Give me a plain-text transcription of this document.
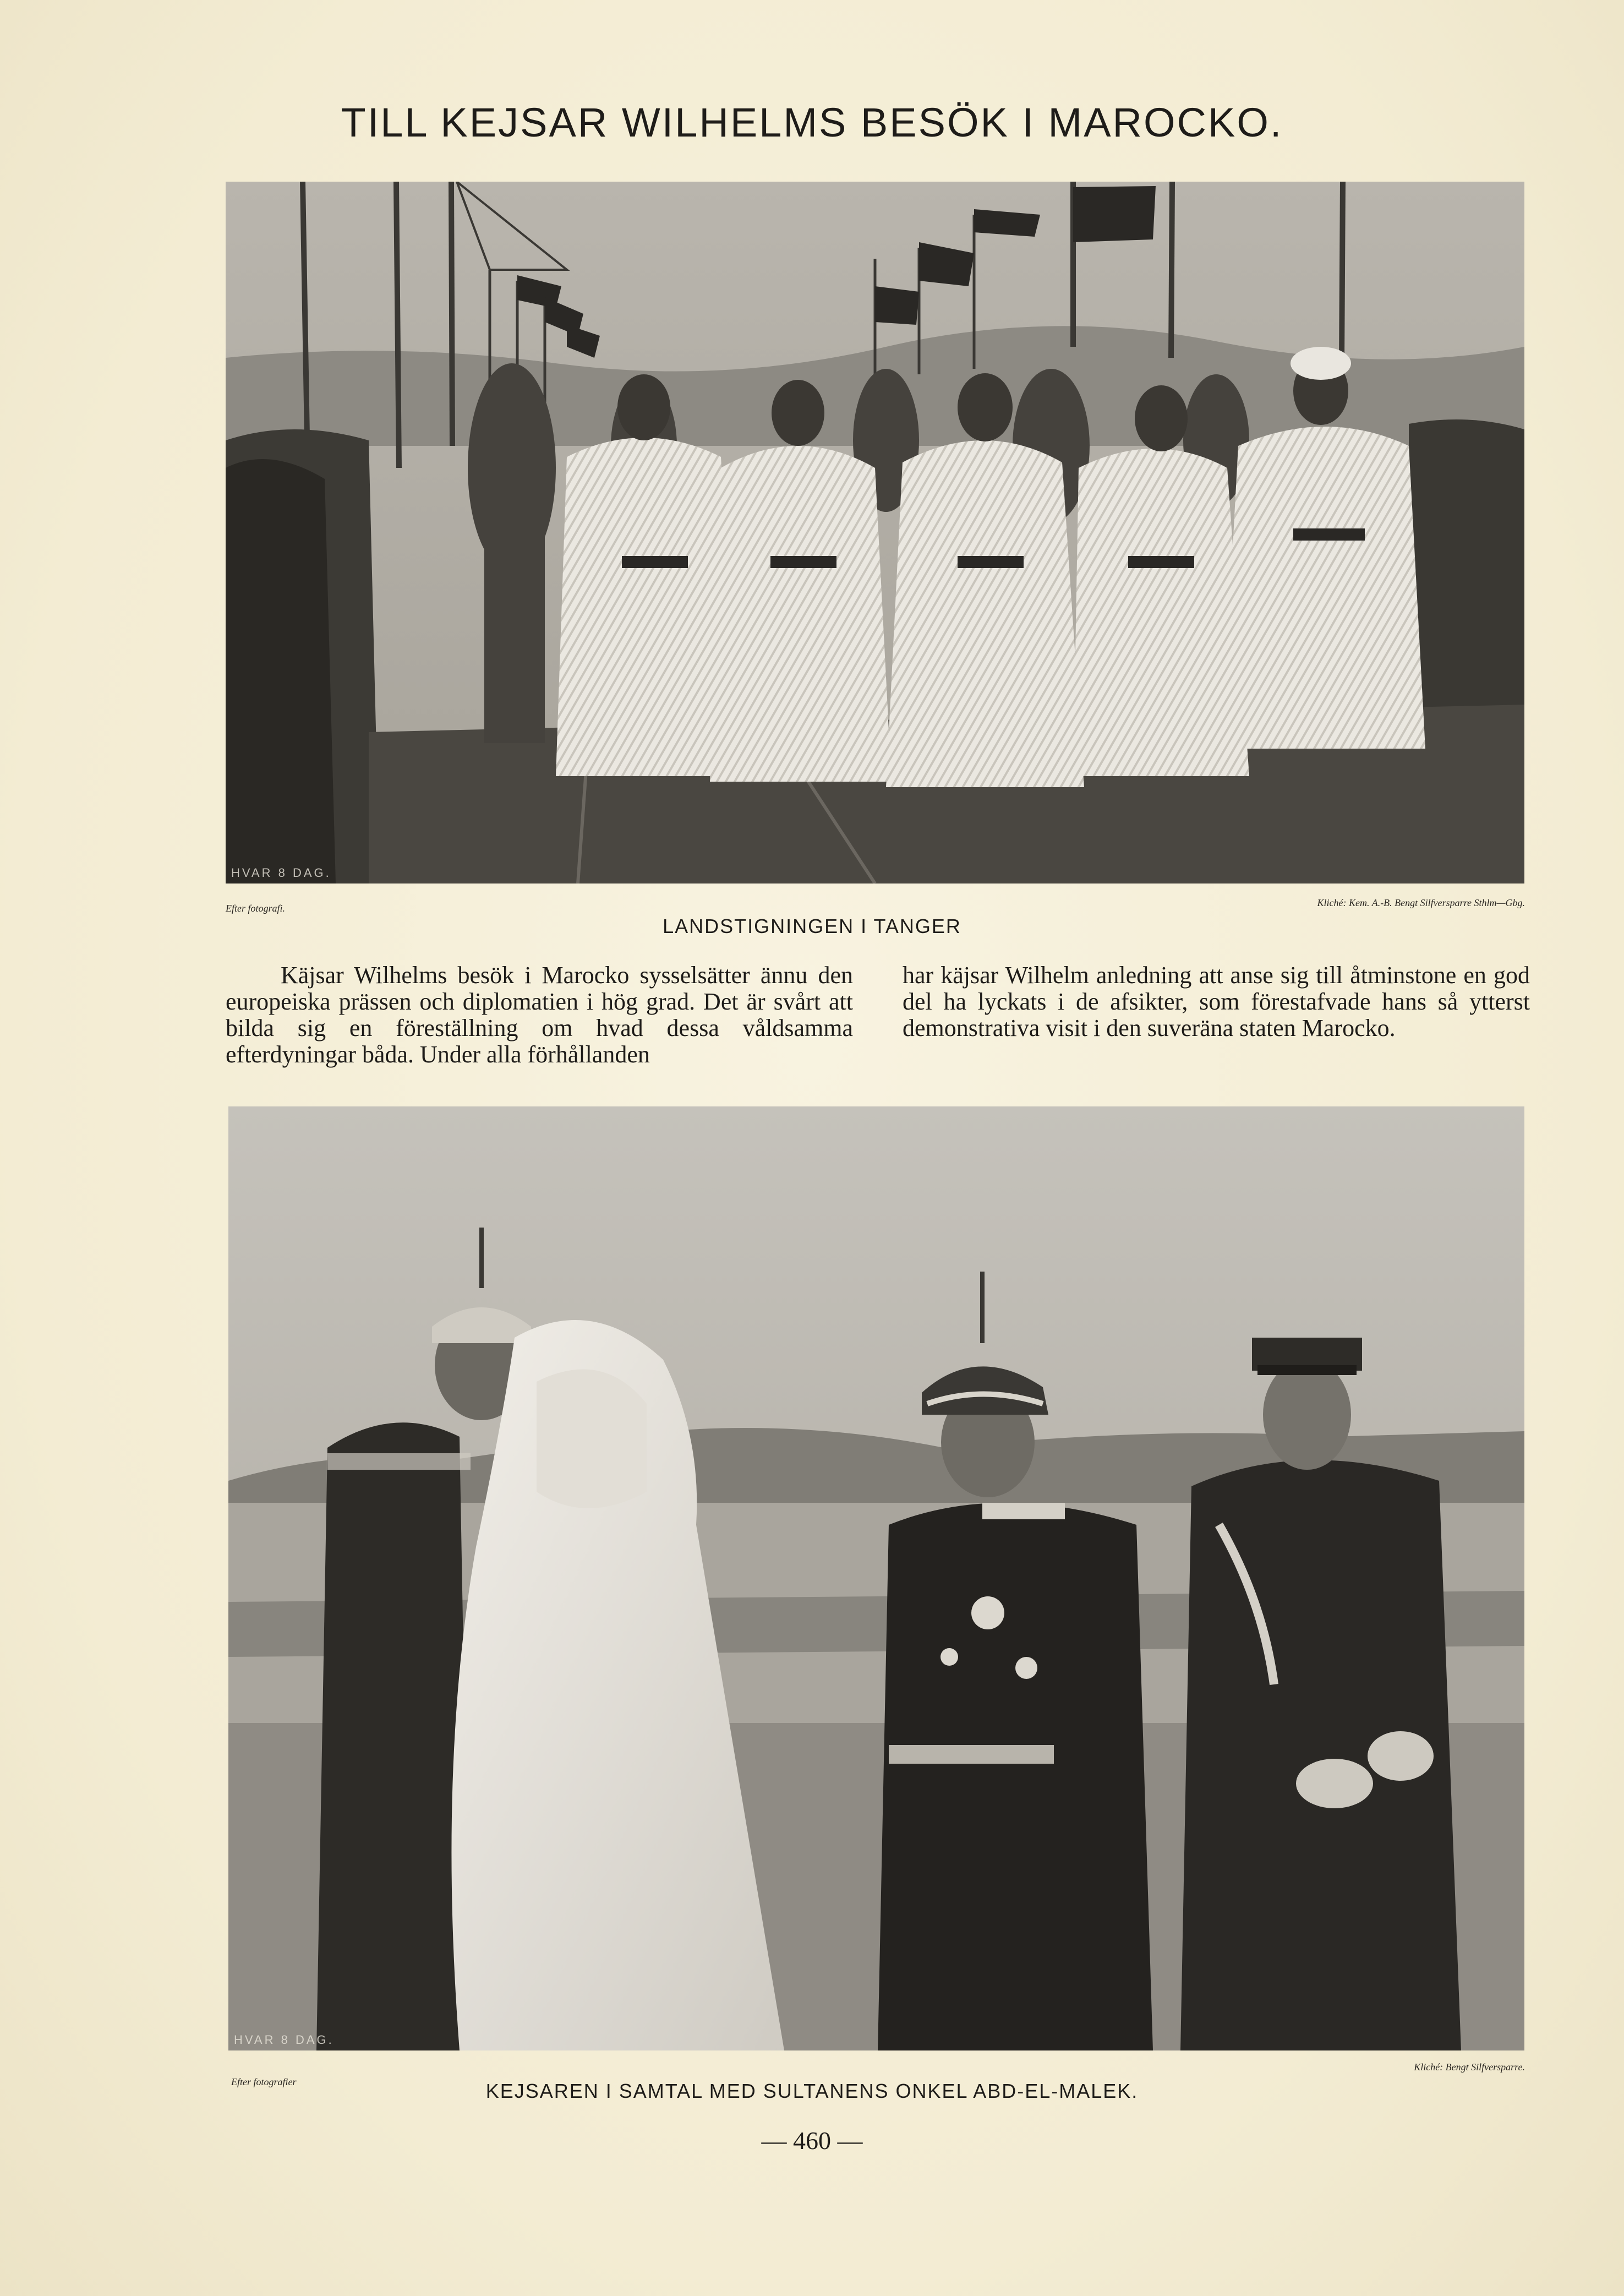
TILL KEJSAR WILHELMS BESÖK I MAROCKO.
HVAR 8 DAG.
Efter fotografi.	Kliché: Kem. A.-B. Bengt Silfversparre Sthlm—Gbg.
LANDSTIGNINGEN I TANGER

Käjsar Wilhelms besök i Marocko sysselsätter ännu den europeiska prässen och diplomatien i hög grad. Det är svårt att bilda sig en föreställning om hvad dessa våldsamma efterdyningar båda. Under alla förhållanden

har käjsar Wilhelm anledning att anse sig till åtminstone en god del ha lyckats i de afsikter, som förestafvade hans så ytterst demonstrativa visit i den suveräna staten Marocko.

HVAR 8 DAG.
Efter fotografier
Kliché: Bengt Silfversparre.
KEJSAREN I SAMTAL MED SULTANENS ONKEL ABD-EL-MALEK.
— 460 —
